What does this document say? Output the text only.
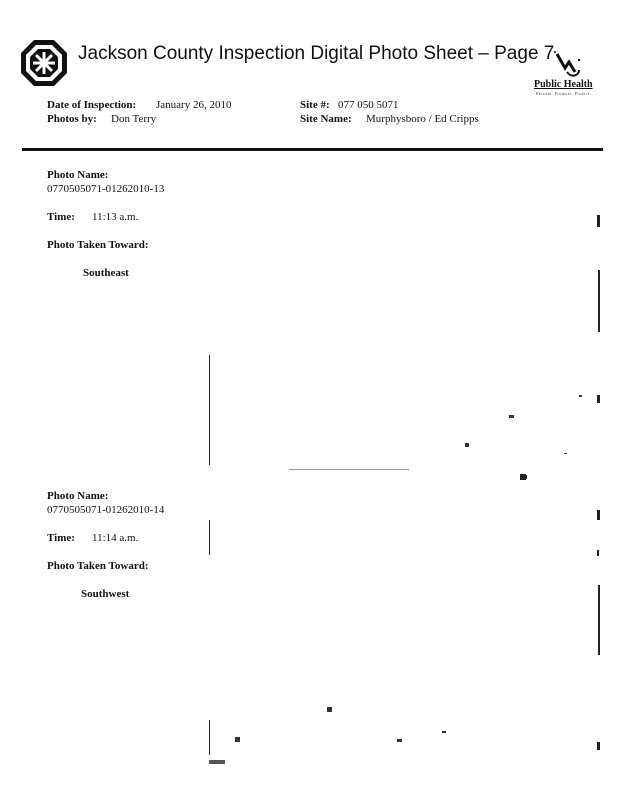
Jackson County Inspection Digital Photo Sheet – Page 7
Public Health
Prevent. Promote. Protect.
Date of Inspection: January 26, 2010
Photos by: Don Terry
Site #: 077 050 5071
Site Name: Murphysboro / Ed Cripps
Photo Name:
0770505071-01262010-13
Time: 11:13 a.m.
Photo Taken Toward:
Southeast
Photo Name:
0770505071-01262010-14
Time: 11:14 a.m.
Photo Taken Toward:
Southwest
